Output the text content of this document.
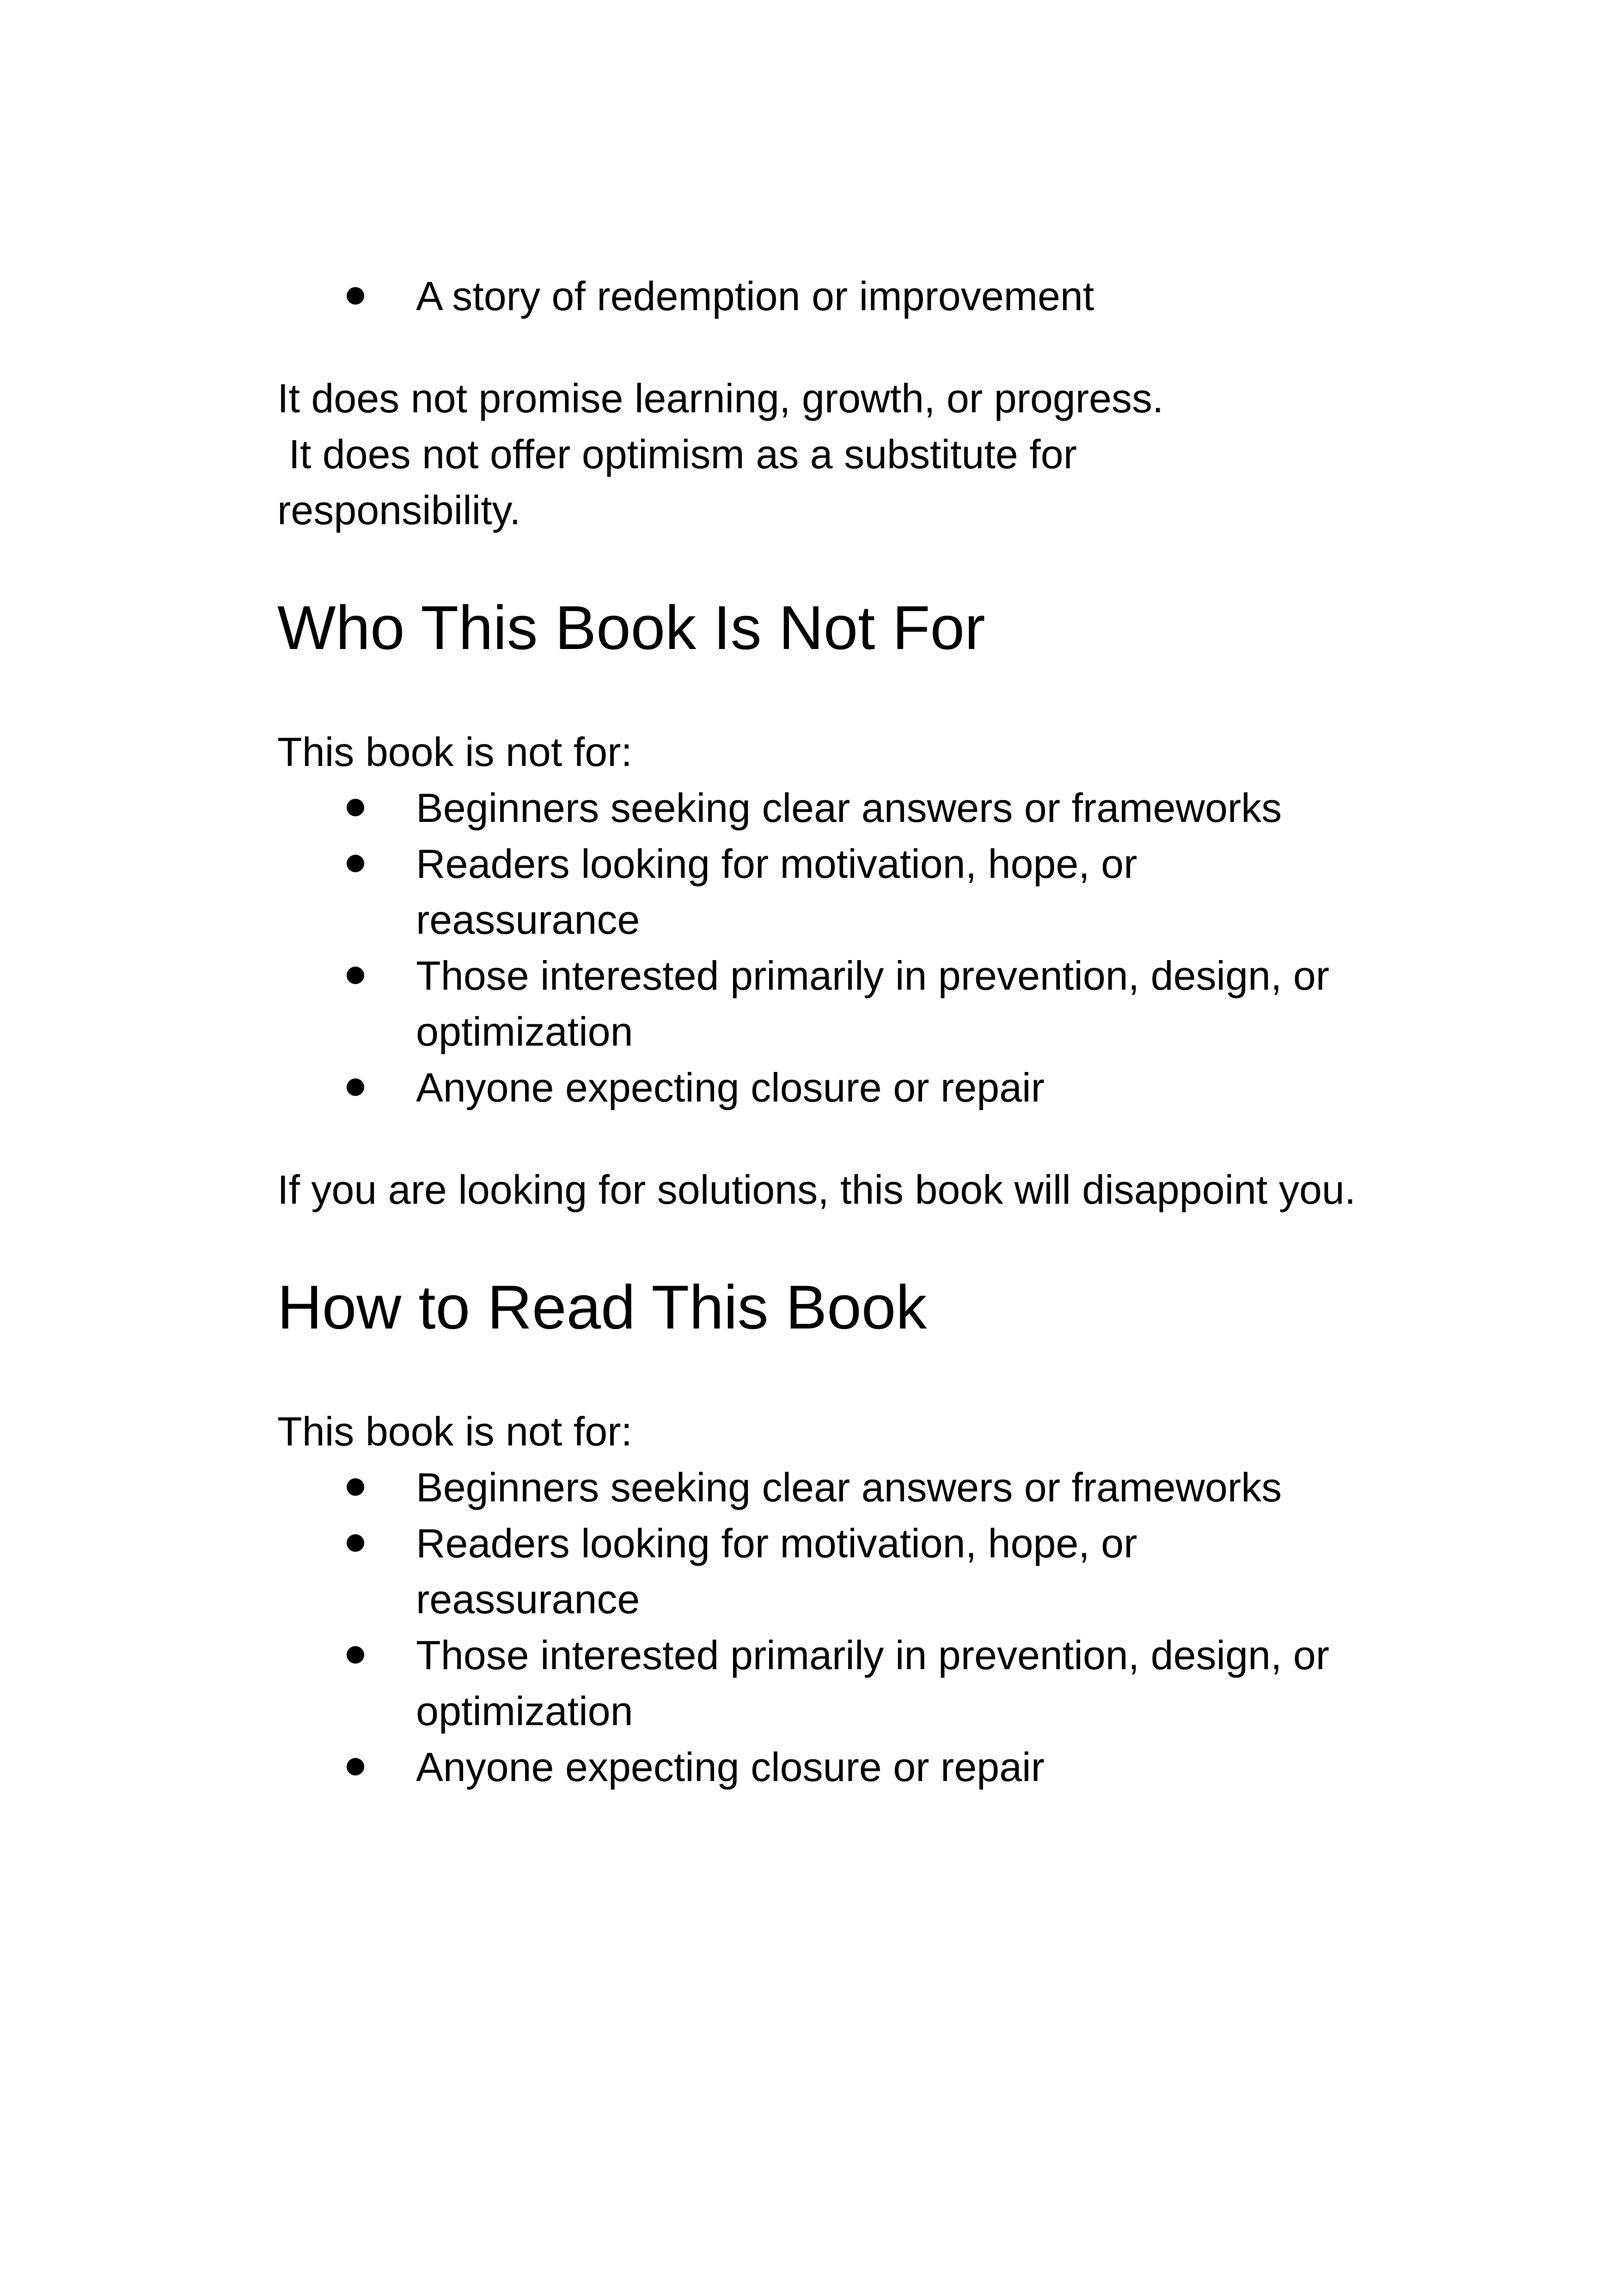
A story of redemption or improvement
It does not promise learning, growth, or progress.
It does not offer optimism as a substitute for
responsibility.
Who This Book Is Not For

This book is not for:

Beginners seeking clear answers or frameworks
Readers looking for motivation, hope, or reassurance
Those interested primarily in prevention, design, or optimization
Anyone expecting closure or repair

If you are looking for solutions, this book will disappoint you.

How to Read This Book

This book is not for:

Beginners seeking clear answers or frameworks
Readers looking for motivation, hope, or reassurance
Those interested primarily in prevention, design, or optimization
Anyone expecting closure or repair
